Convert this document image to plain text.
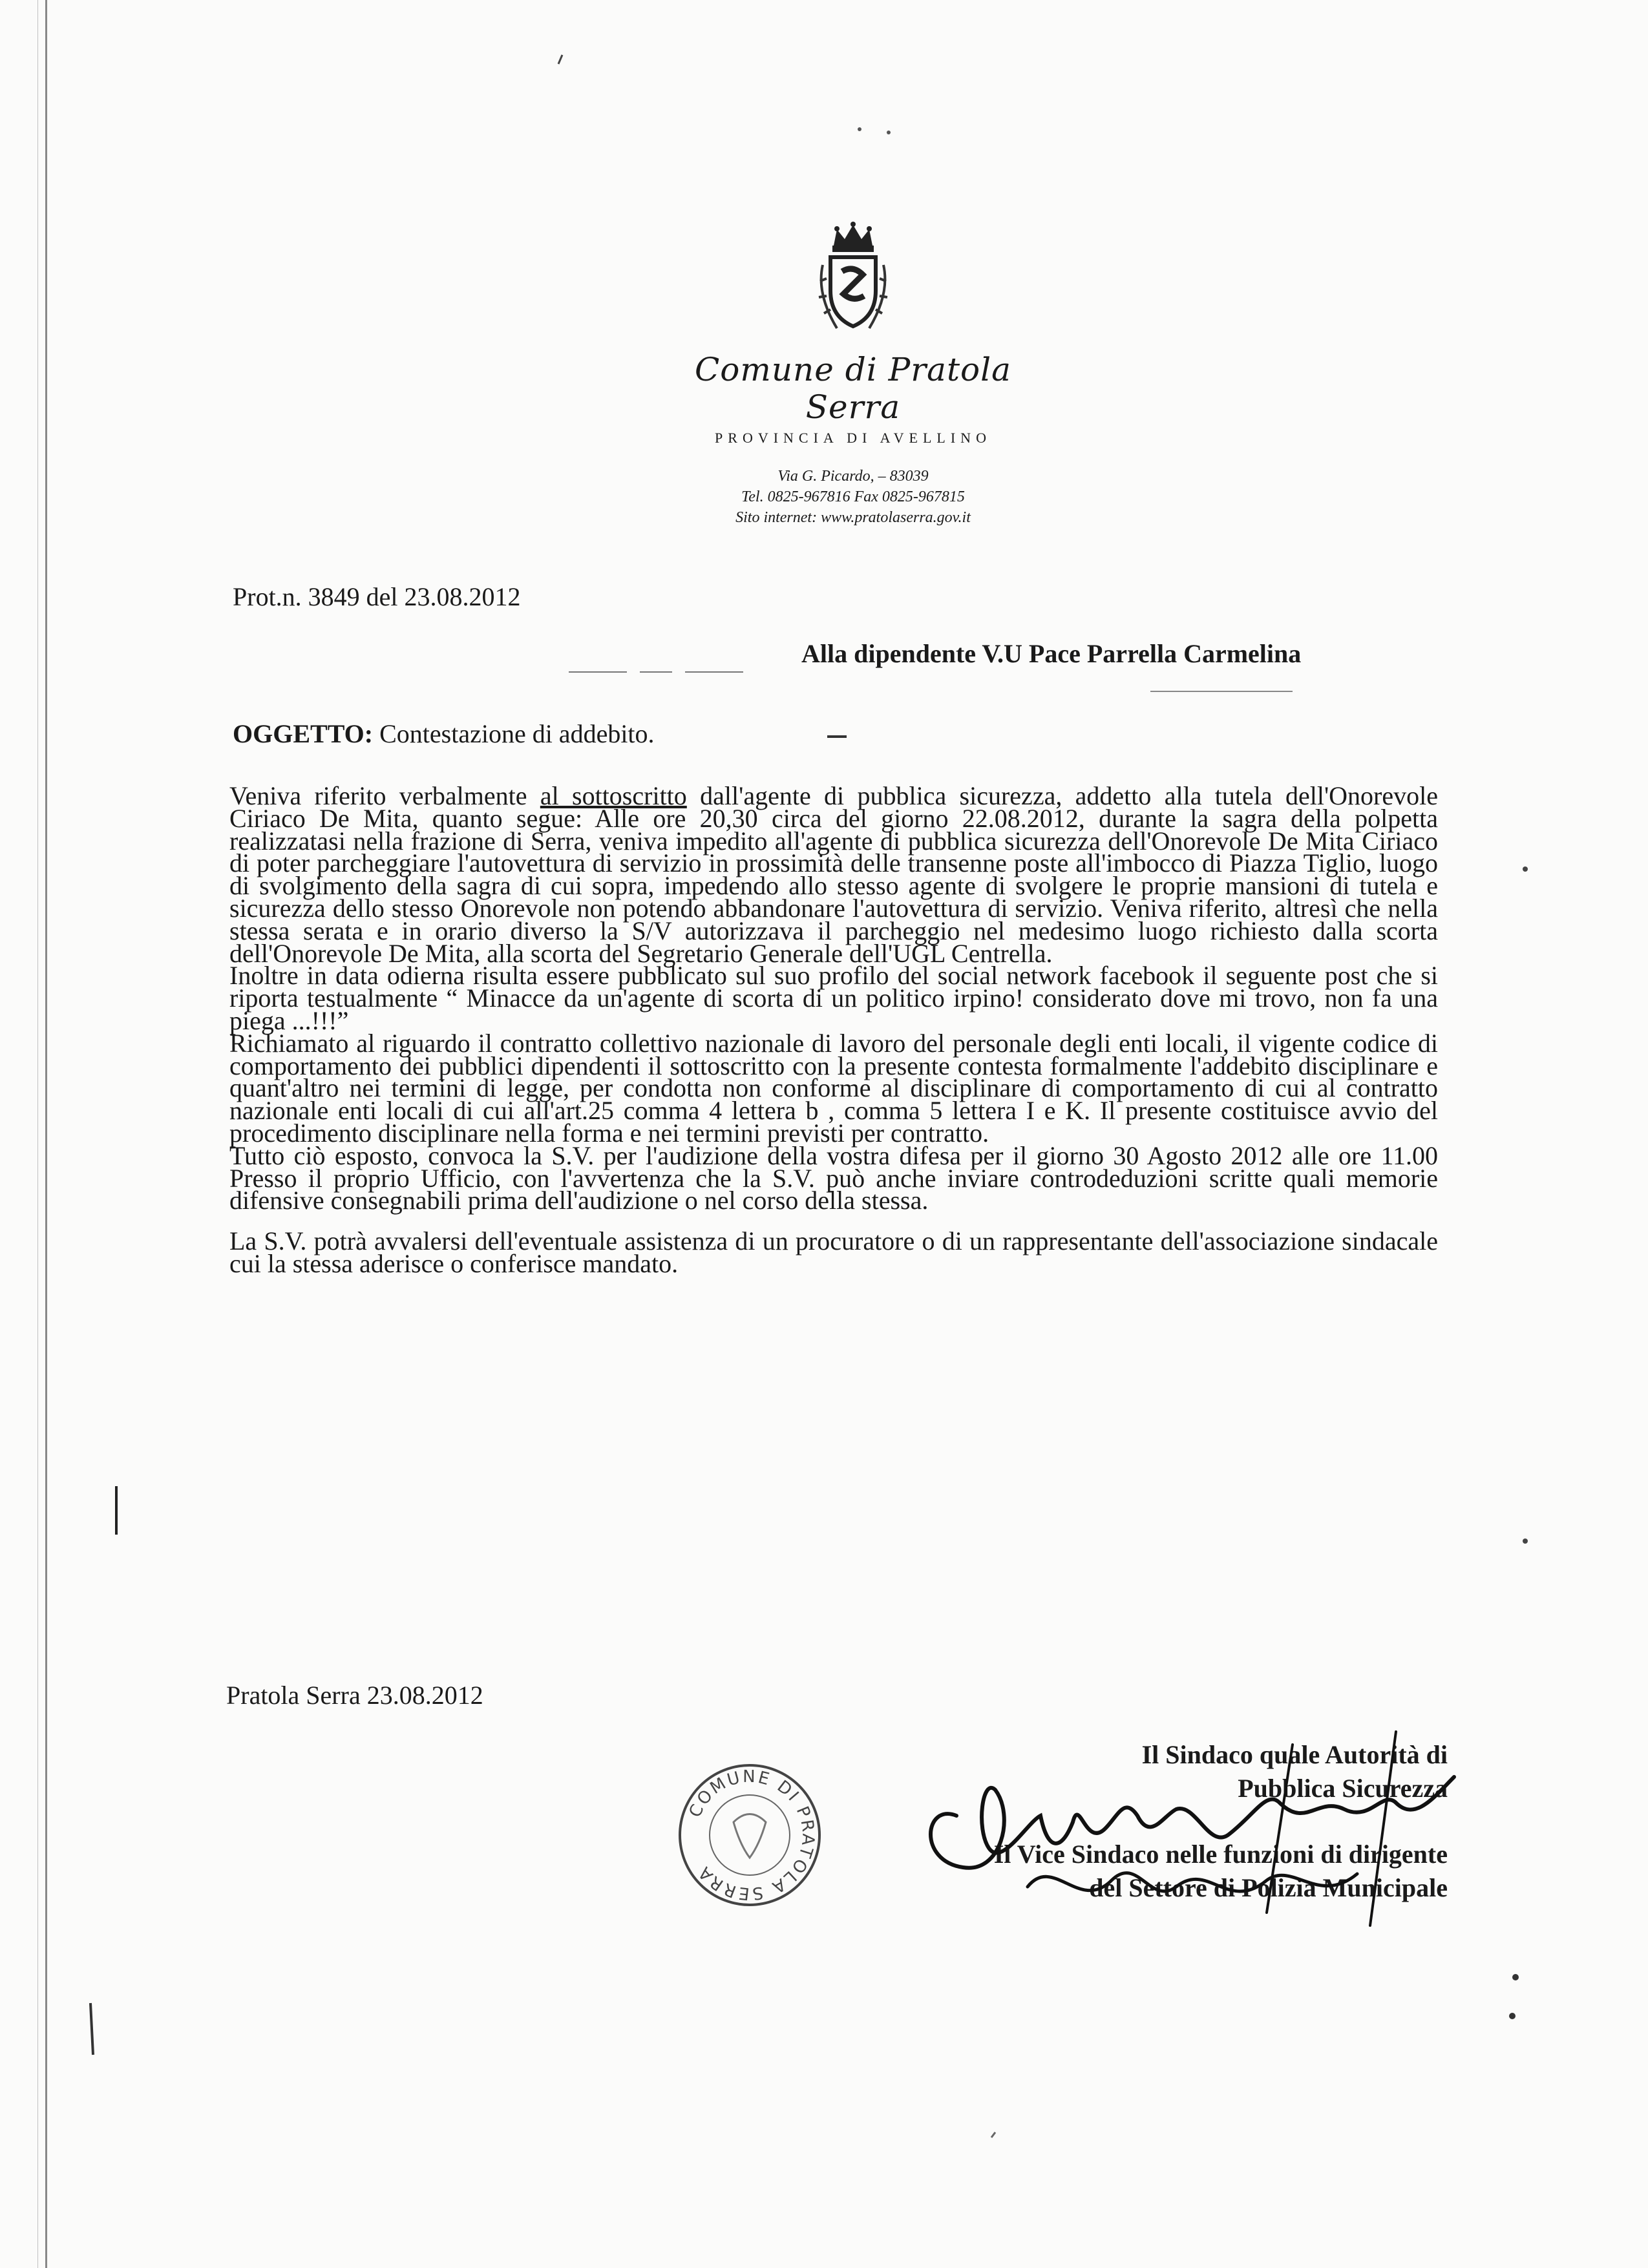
Comune di Pratola Serra
PROVINCIA DI AVELLINO
Via G. Picardo, – 83039
Tel. 0825-967816 Fax 0825-967815
Sito internet: www.pratolaserra.gov.it
Prot.n. 3849 del 23.08.2012
Alla dipendente V.U Pace Parrella Carmelina
OGGETTO: Contestazione di addebito.

Veniva riferito verbalmente al sottoscritto dall'agente di pubblica sicurezza, addetto alla tutela dell'Onorevole Ciriaco De Mita, quanto segue: Alle ore 20,30 circa del giorno 22.08.2012, durante la sagra della polpetta realizzatasi nella frazione di Serra, veniva impedito all'agente di pubblica sicurezza dell'Onorevole De Mita Ciriaco di poter parcheggiare l'autovettura di servizio in prossimità delle transenne poste all'imbocco di Piazza Tiglio, luogo di svolgimento della sagra di cui sopra, impedendo allo stesso agente di svolgere le proprie mansioni di tutela e sicurezza dello stesso Onorevole non potendo abbandonare l'autovettura di servizio. Veniva riferito, altresì che nella stessa serata e in orario diverso la S/V autorizzava il parcheggio nel medesimo luogo richiesto dalla scorta dell'Onorevole De Mita, alla scorta del Segretario Generale dell'UGL Centrella.

Inoltre in data odierna risulta essere pubblicato sul suo profilo del social network facebook il seguente post che si riporta testualmente “ Minacce da un'agente di scorta di un politico irpino! considerato dove mi trovo, non fa una piega ...!!!”

Richiamato al riguardo il contratto collettivo nazionale di lavoro del personale degli enti locali, il vigente codice di comportamento dei pubblici dipendenti il sottoscritto con la presente contesta formalmente l'addebito disciplinare e quant'altro nei termini di legge, per condotta non conforme al disciplinare di comportamento di cui al contratto nazionale enti locali di cui all'art.25 comma 4 lettera b , comma 5 lettera I e K. Il presente costituisce avvio del procedimento disciplinare nella forma e nei termini previsti per contratto.

Tutto ciò esposto, convoca la S.V. per l'audizione della vostra difesa per il giorno 30 Agosto 2012 alle ore 11.00 Presso il proprio Ufficio, con l'avvertenza che la S.V. può anche inviare controdeduzioni scritte quali memorie difensive consegnabili prima dell'audizione o nel corso della stessa.

La S.V. potrà avvalersi dell'eventuale assistenza di un procuratore o di un rappresentante dell'associazione sindacale cui la stessa aderisce o conferisce mandato.

Pratola Serra 23.08.2012
COMUNE DI PRATOLA SERRA
Il Sindaco quale Autorità di
Pubblica Sicurezza
Il Vice Sindaco nelle funzioni di dirigente
del Settore di Polizia Municipale
